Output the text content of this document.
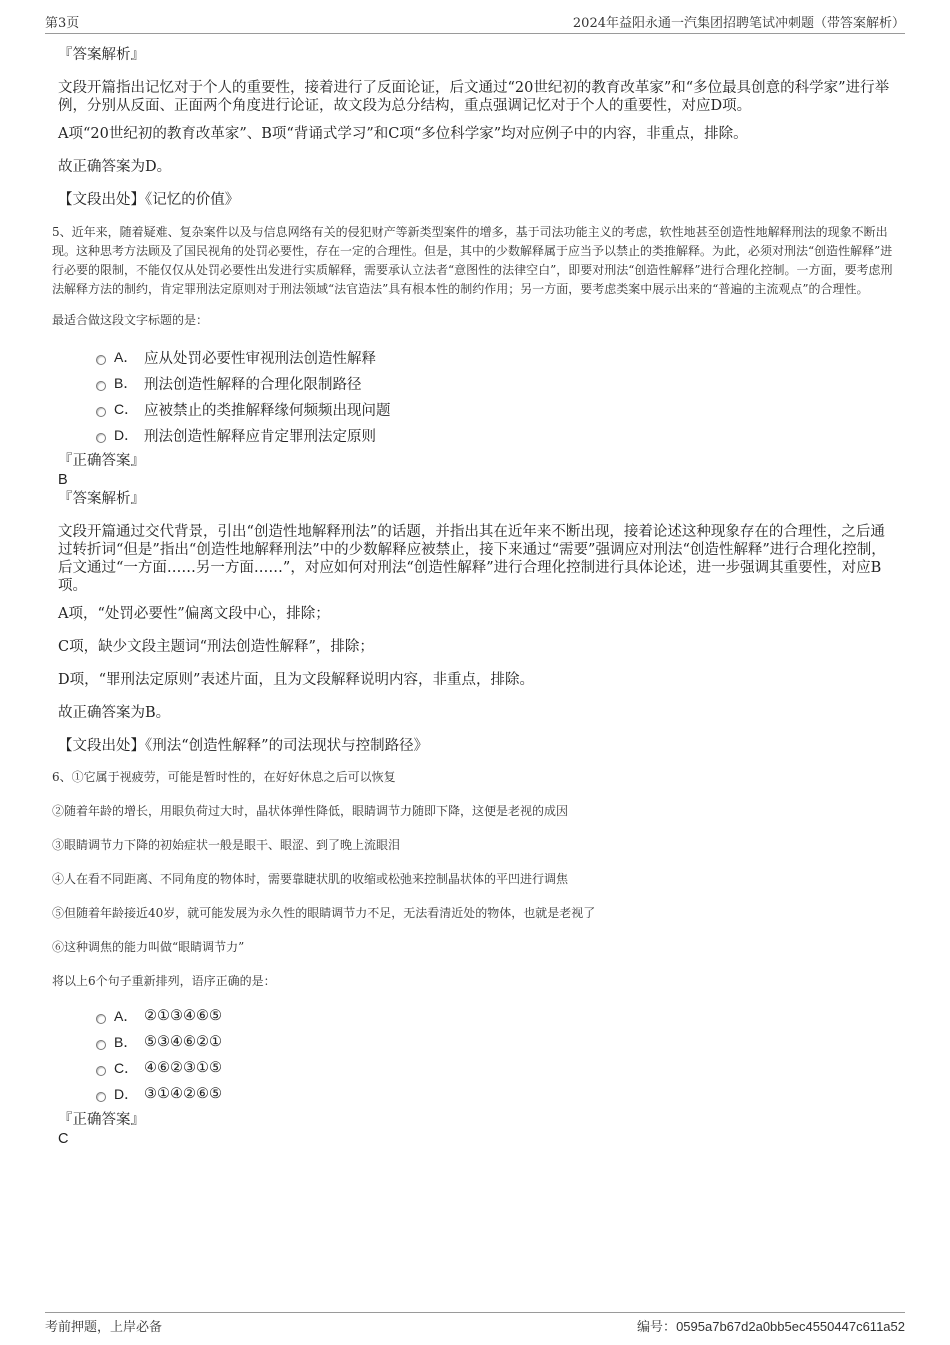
第3页	2024年益阳永通一汽集团招聘笔试冲刺题（带答案解析）
『答案解析』
文段开篇指出记忆对于个人的重要性，接着进行了反面论证，后文通过“20世纪初的教育改革家”和“多位最具创意的科学家”进行举例，分别从反面、正面两个角度进行论证，故文段为总分结构，重点强调记忆对于个人的重要性，对应D项。
A项“20世纪初的教育改革家”、B项“背诵式学习”和C项“多位科学家”均对应例子中的内容，非重点，排除。
故正确答案为D。
【文段出处】《记忆的价值》
5、近年来，随着疑难、复杂案件以及与信息网络有关的侵犯财产等新类型案件的增多，基于司法功能主义的考虑，软性地甚至创造性地解释刑法的现象不断出现。这种思考方法顾及了国民视角的处罚必要性，存在一定的合理性。但是，其中的少数解释属于应当予以禁止的类推解释。为此，必须对刑法“创造性解释”进行必要的限制，不能仅仅从处罚必要性出发进行实质解释，需要承认立法者“意图性的法律空白”，即要对刑法“创造性解释”进行合理化控制。一方面，要考虑刑法解释方法的制约，肯定罪刑法定原则对于刑法领域“法官造法”具有根本性的制约作用；另一方面，要考虑类案中展示出来的“普遍的主流观点”的合理性。
最适合做这段文字标题的是：
A． 应从处罚必要性审视刑法创造性解释
B． 刑法创造性解释的合理化限制路径
C． 应被禁止的类推解释缘何频频出现问题
D． 刑法创造性解释应肯定罪刑法定原则
『正确答案』
B
『答案解析』
文段开篇通过交代背景，引出“创造性地解释刑法”的话题，并指出其在近年来不断出现，接着论述这种现象存在的合理性，之后通过转折词“但是”指出“创造性地解释刑法”中的少数解释应被禁止，接下来通过“需要”强调应对刑法“创造性解释”进行合理化控制，后文通过“一方面……另一方面……”，对应如何对刑法“创造性解释”进行合理化控制进行具体论述，进一步强调其重要性，对应B项。
A项，“处罚必要性”偏离文段中心，排除；
C项，缺少文段主题词“刑法创造性解释”，排除；
D项，“罪刑法定原则”表述片面，且为文段解释说明内容，非重点，排除。
故正确答案为B。
【文段出处】《刑法“创造性解释”的司法现状与控制路径》
6、①它属于视疲劳，可能是暂时性的，在好好休息之后可以恢复
②随着年龄的增长，用眼负荷过大时，晶状体弹性降低，眼睛调节力随即下降，这便是老视的成因
③眼睛调节力下降的初始症状一般是眼干、眼涩、到了晚上流眼泪
④人在看不同距离、不同角度的物体时，需要靠睫状肌的收缩或松弛来控制晶状体的平凹进行调焦
⑤但随着年龄接近40岁，就可能发展为永久性的眼睛调节力不足，无法看清近处的物体，也就是老视了
⑥这种调焦的能力叫做“眼睛调节力”
将以上6个句子重新排列，语序正确的是：
A． ②①③④⑥⑤
B． ⑤③④⑥②①
C． ④⑥②③①⑤
D． ③①④②⑥⑤
『正确答案』
C
考前押题，上岸必备	编号：0595a7b67d2a0bb5ec4550447c611a52
